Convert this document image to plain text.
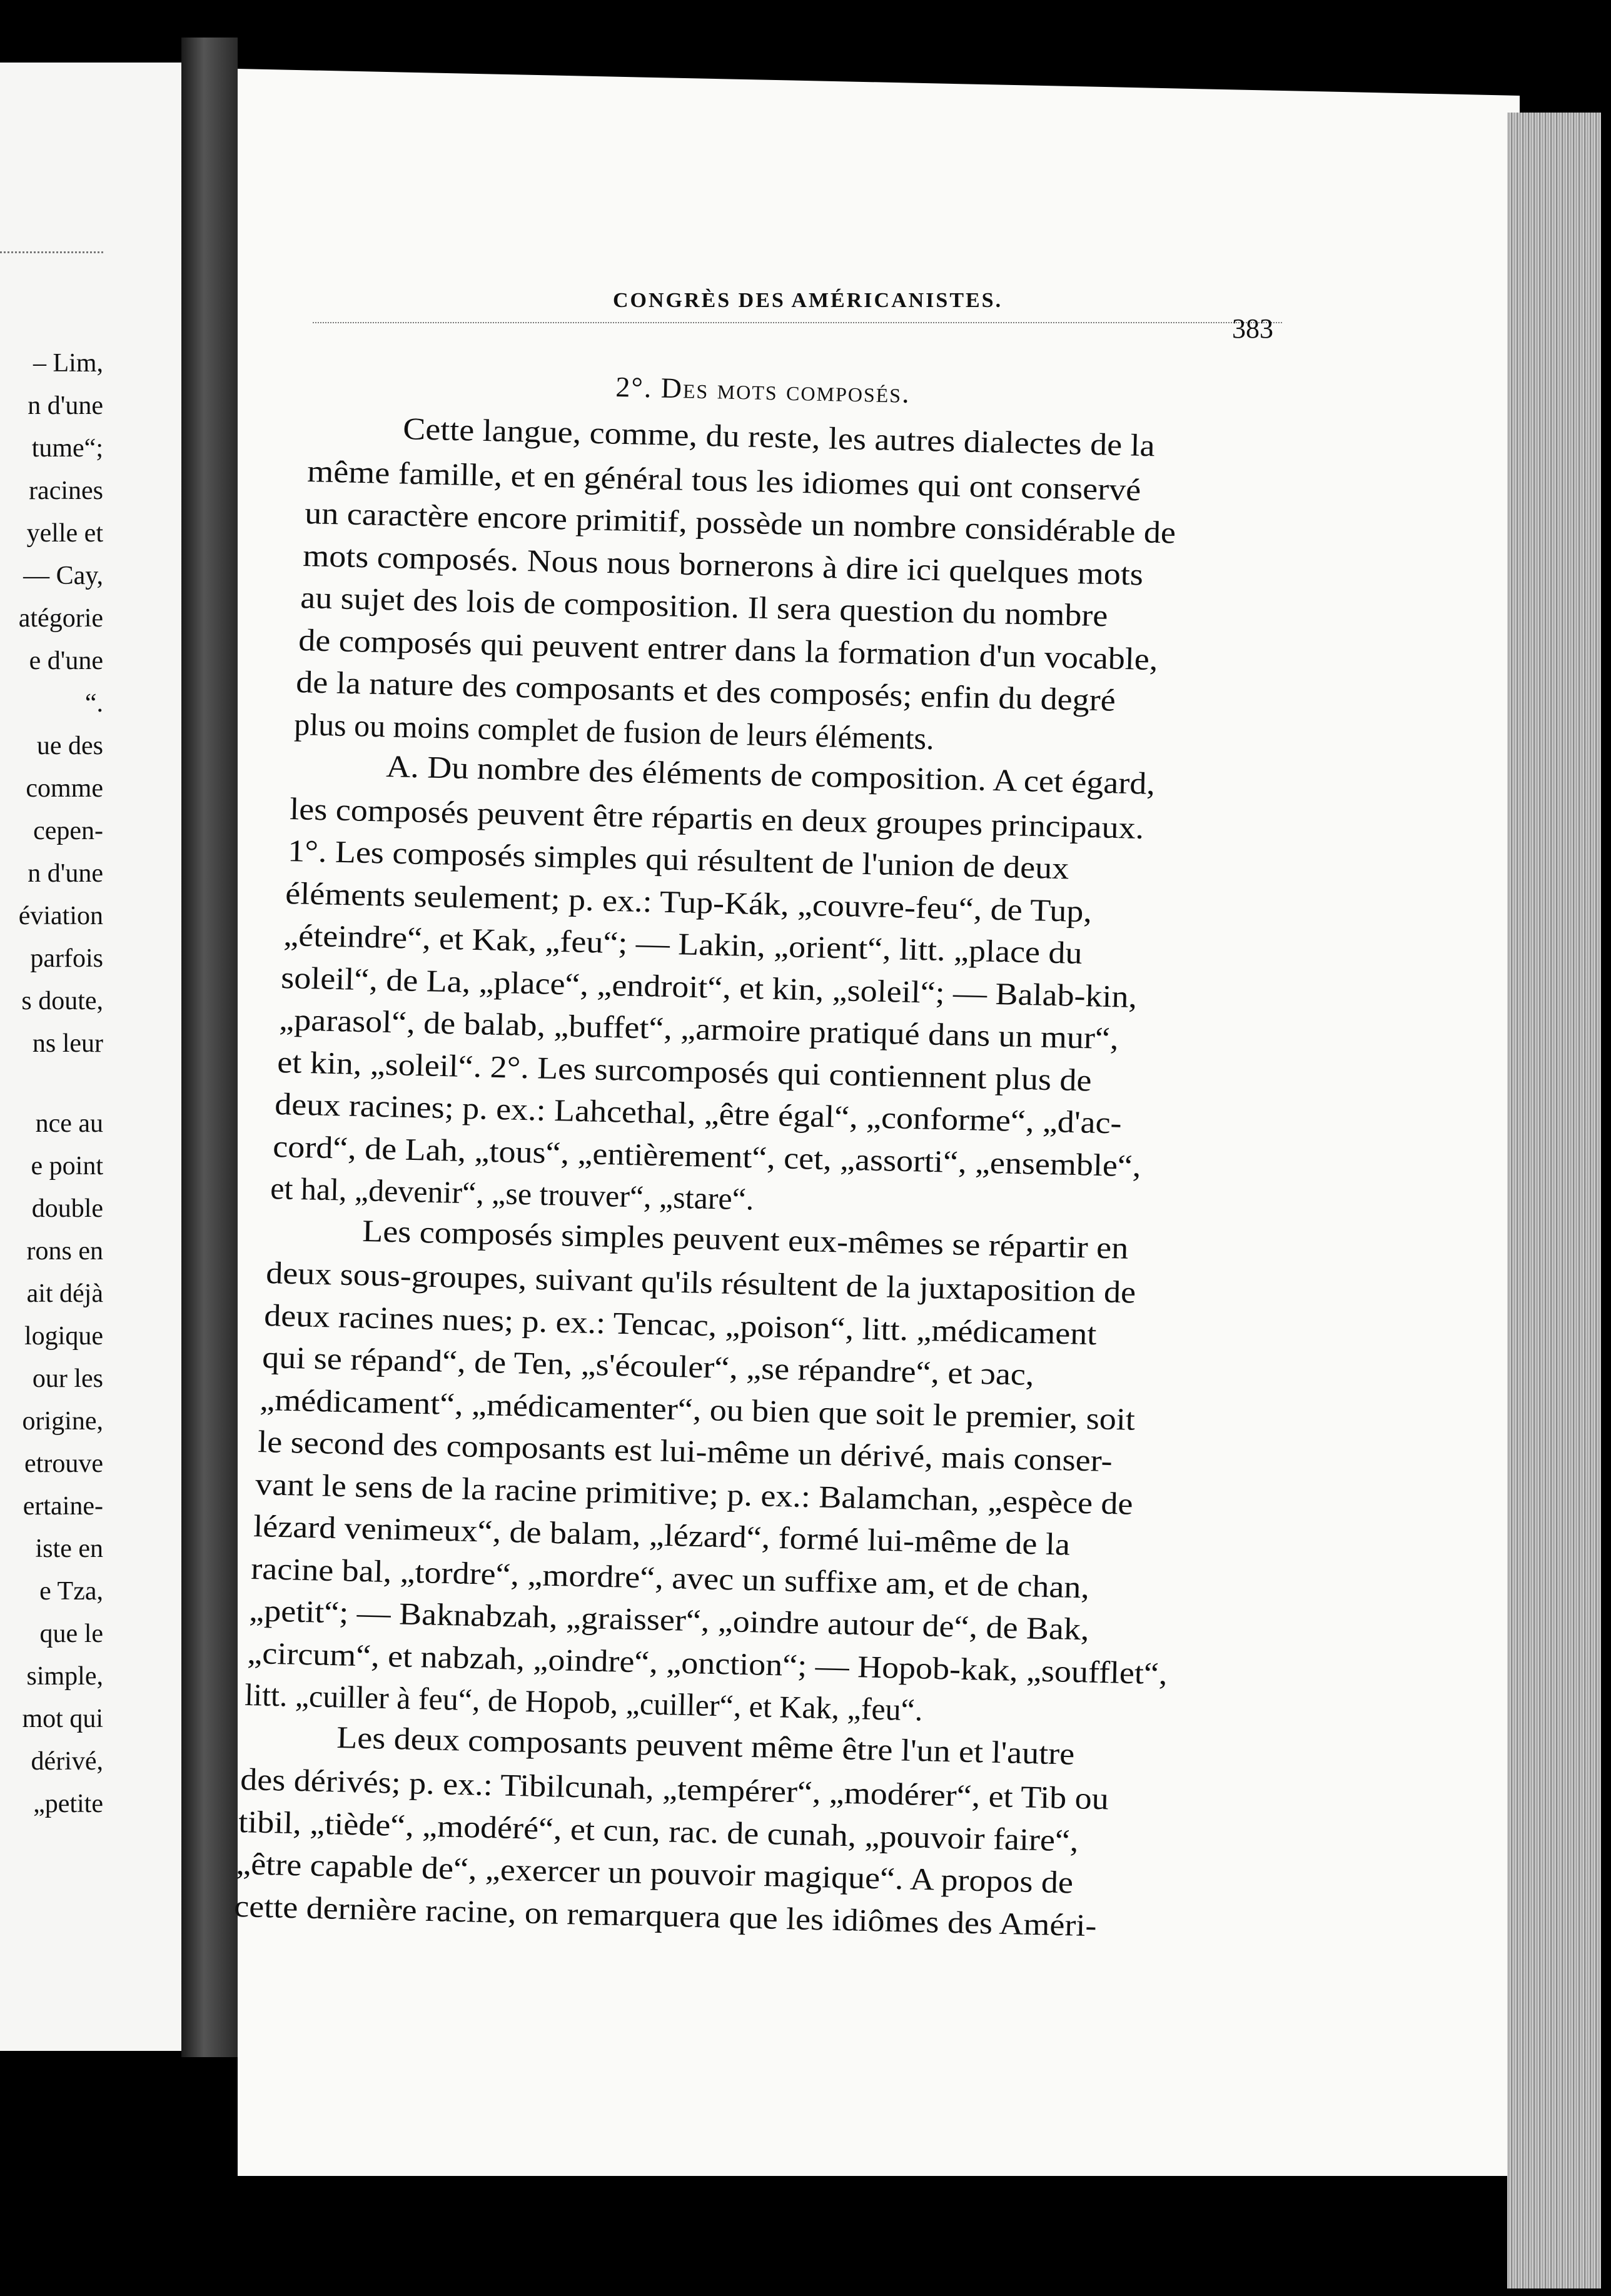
– Lim,
n d'une
tume“;
racines
yelle et
— Cay,
atégorie
e d'une
“.
ue des
comme
cepen-
n d'une
éviation
parfois
s doute,
ns leur
nce au
e point
double
rons en
ait déjà
logique
our les
origine,
etrouve
ertaine-
iste en
e Tza,
que le
simple,
mot qui
dérivé,
„petite
CONGRÈS DES AMÉRICANISTES.
383
2°. Des mots composés.
Cette langue, comme, du reste, les autres dialectes de la
même famille, et en général tous les idiomes qui ont conservé
un caractère encore primitif, possède un nombre considérable de
mots composés. Nous nous bornerons à dire ici quelques mots
au sujet des lois de composition. Il sera question du nombre
de composés qui peuvent entrer dans la formation d'un vocable,
de la nature des composants et des composés; enfin du degré
plus ou moins complet de fusion de leurs éléments.
A. Du nombre des éléments de composition. A cet égard,
les composés peuvent être répartis en deux groupes principaux.
1°. Les composés simples qui résultent de l'union de deux
éléments seulement; p. ex.: Tup-Kák, „couvre-feu“, de Tup,
„éteindre“, et Kak, „feu“; — Lakin, „orient“, litt. „place du
soleil“, de La, „place“, „endroit“, et kin, „soleil“; — Balab-kin,
„parasol“, de balab, „buffet“, „armoire pratiqué dans un mur“,
et kin, „soleil“. 2°. Les surcomposés qui contiennent plus de
deux racines; p. ex.: Lahcethal, „être égal“, „conforme“, „d'ac-
cord“, de Lah, „tous“, „entièrement“, cet, „assorti“, „ensemble“,
et hal, „devenir“, „se trouver“, „stare“.
Les composés simples peuvent eux-mêmes se répartir en
deux sous-groupes, suivant qu'ils résultent de la juxtaposition de
deux racines nues; p. ex.: Tencac, „poison“, litt. „médicament
qui se répand“, de Ten, „s'écouler“, „se répandre“, et ɔac,
„médicament“, „médicamenter“, ou bien que soit le premier, soit
le second des composants est lui-même un dérivé, mais conser-
vant le sens de la racine primitive; p. ex.: Balamchan, „espèce de
lézard venimeux“, de balam, „lézard“, formé lui-même de la
racine bal, „tordre“, „mordre“, avec un suffixe am, et de chan,
„petit“; — Baknabzah, „graisser“, „oindre autour de“, de Bak,
„circum“, et nabzah, „oindre“, „onction“; — Hopob-kak, „soufflet“,
litt. „cuiller à feu“, de Hopob, „cuiller“, et Kak, „feu“.
Les deux composants peuvent même être l'un et l'autre
des dérivés; p. ex.: Tibilcunah, „tempérer“, „modérer“, et Tib ou
tibil, „tiède“, „modéré“, et cun, rac. de cunah, „pouvoir faire“,
„être capable de“, „exercer un pouvoir magique“. A propos de
cette dernière racine, on remarquera que les idiômes des Améri-
